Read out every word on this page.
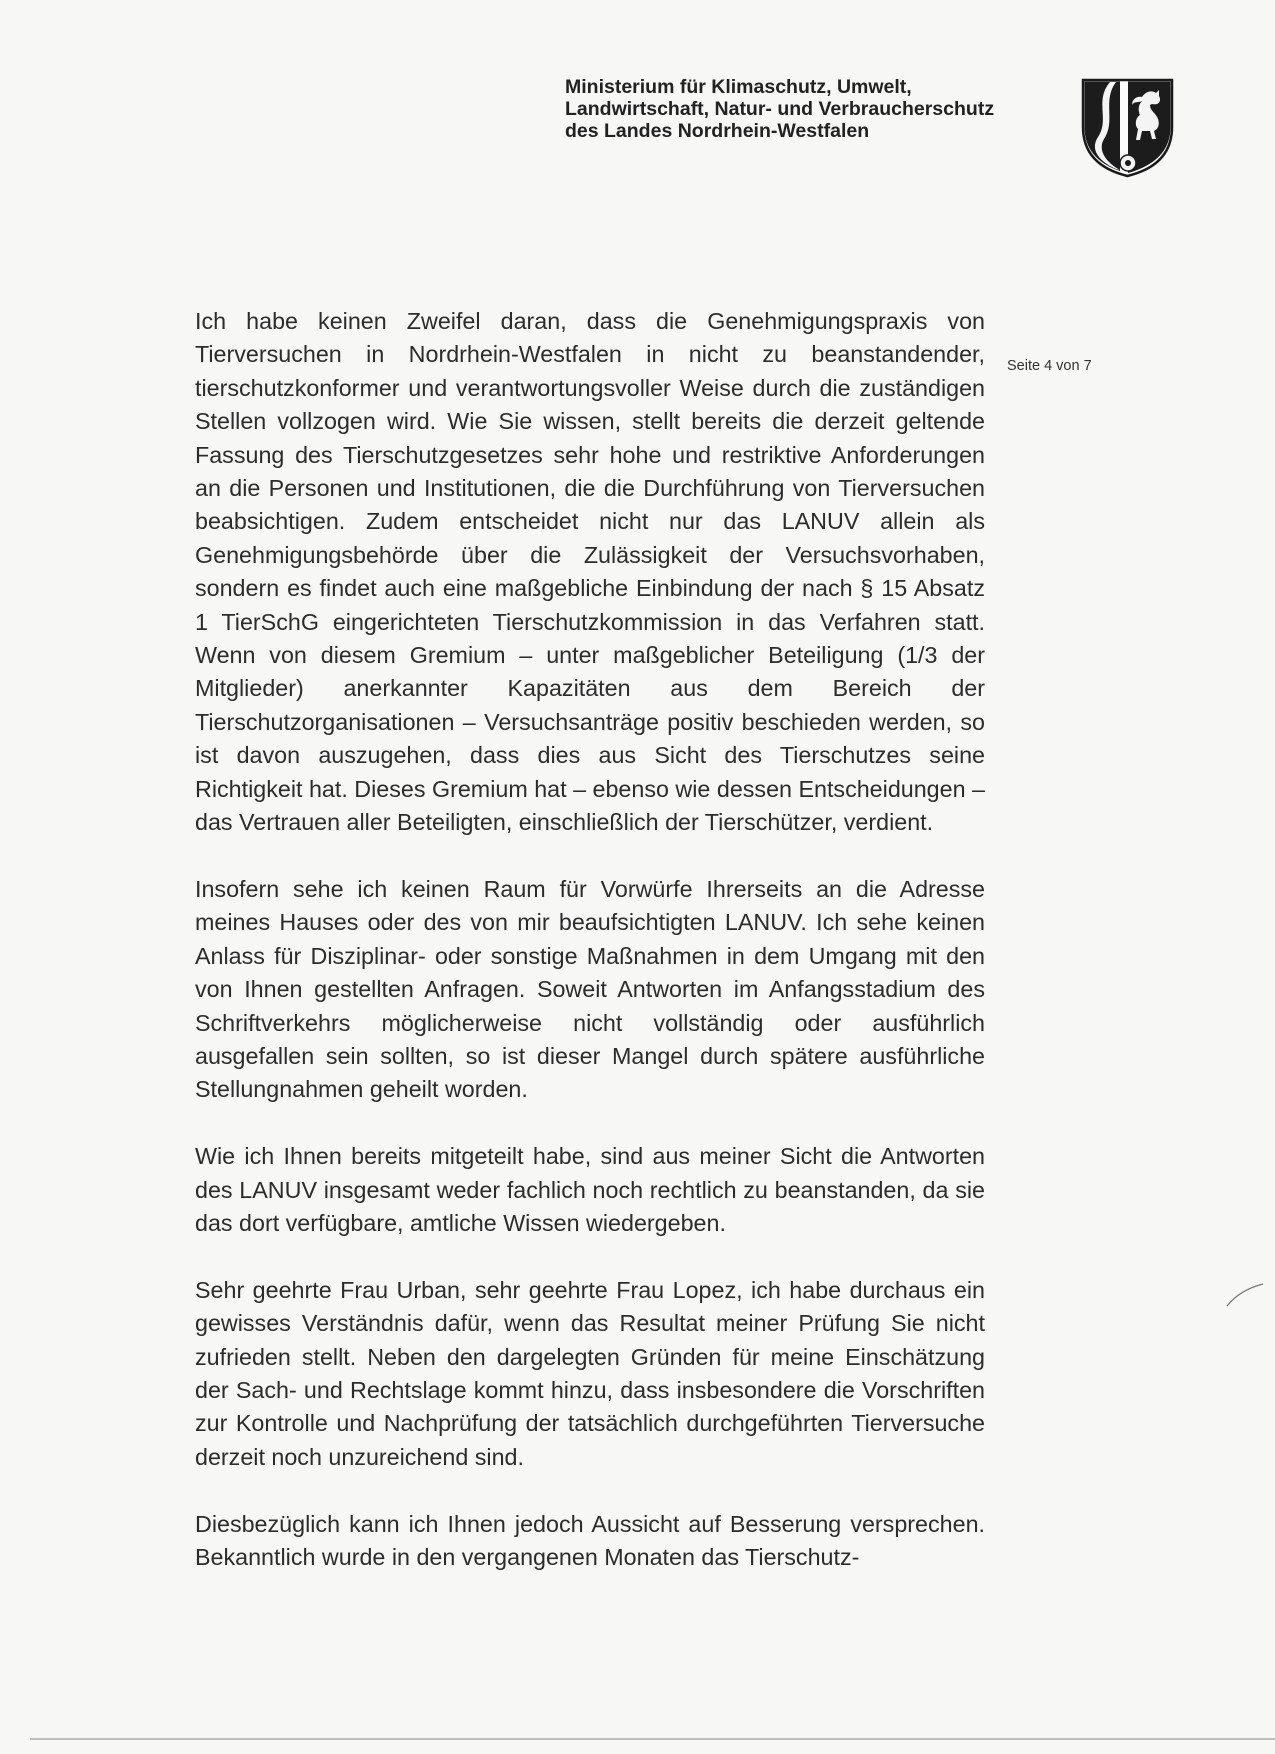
Ministerium für Klimaschutz, Umwelt,
Landwirtschaft, Natur- und Verbraucherschutz
des Landes Nordrhein-Westfalen
Seite 4 von 7

Ich habe keinen Zweifel daran, dass die Genehmigungspraxis von Tierversuchen in Nordrhein-Westfalen in nicht zu beanstandender, tierschutzkonformer und verantwortungsvoller Weise durch die zuständigen Stellen vollzogen wird. Wie Sie wissen, stellt bereits die derzeit geltende Fassung des Tierschutzgesetzes sehr hohe und restriktive Anforderungen an die Personen und Institutionen, die die Durchführung von Tierversuchen beabsichtigen. Zudem entscheidet nicht nur das LANUV allein als Genehmigungsbehörde über die Zulässigkeit der Versuchsvorhaben, sondern es findet auch eine maßgebliche Einbindung der nach § 15 Absatz 1 TierSchG eingerichteten Tierschutzkommission in das Verfahren statt. Wenn von diesem Gremium – unter maßgeblicher Beteiligung (1/3 der Mitglieder) anerkannter Kapazitäten aus dem Bereich der Tierschutzorganisationen – Versuchsanträge positiv beschieden werden, so ist davon auszugehen, dass dies aus Sicht des Tierschutzes seine Richtigkeit hat. Dieses Gremium hat – ebenso wie dessen Entscheidungen – das Vertrauen aller Beteiligten, einschließlich der Tierschützer, verdient.

Insofern sehe ich keinen Raum für Vorwürfe Ihrerseits an die Adresse meines Hauses oder des von mir beaufsichtigten LANUV. Ich sehe keinen Anlass für Disziplinar- oder sonstige Maßnahmen in dem Umgang mit den von Ihnen gestellten Anfragen. Soweit Antworten im Anfangsstadium des Schriftverkehrs möglicherweise nicht vollständig oder ausführlich ausgefallen sein sollten, so ist dieser Mangel durch spätere ausführliche Stellungnahmen geheilt worden.

Wie ich Ihnen bereits mitgeteilt habe, sind aus meiner Sicht die Antworten des LANUV insgesamt weder fachlich noch rechtlich zu beanstanden, da sie das dort verfügbare, amtliche Wissen wiedergeben.

Sehr geehrte Frau Urban, sehr geehrte Frau Lopez, ich habe durchaus ein gewisses Verständnis dafür, wenn das Resultat meiner Prüfung Sie nicht zufrieden stellt. Neben den dargelegten Gründen für meine Einschätzung der Sach- und Rechtslage kommt hinzu, dass insbesondere die Vorschriften zur Kontrolle und Nachprüfung der tatsächlich durchgeführten Tierversuche derzeit noch unzureichend sind.

Diesbezüglich kann ich Ihnen jedoch Aussicht auf Besserung versprechen. Bekanntlich wurde in den vergangenen Monaten das Tierschutz-
